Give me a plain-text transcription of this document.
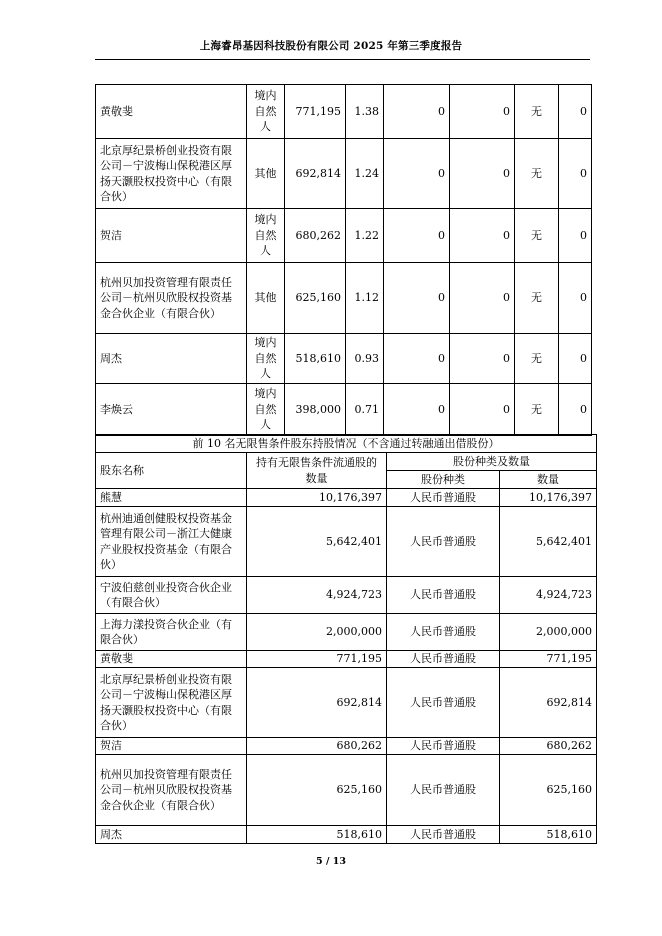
上海睿昂基因科技股份有限公司 2025 年第三季度报告
黄敬斐	境内自然人	771,195	1.38	0	0	无	0
北京厚纪景桥创业投资有限公司－宁波梅山保税港区厚扬天灏股权投资中心（有限合伙）	其他	692,814	1.24	0	0	无	0
贺洁	境内自然人	680,262	1.22	0	0	无	0
杭州贝加投资管理有限责任公司－杭州贝欣股权投资基金合伙企业（有限合伙）	其他	625,160	1.12	0	0	无	0
周杰	境内自然人	518,610	0.93	0	0	无	0
李焕云	境内自然人	398,000	0.71	0	0	无	0
前 10 名无限售条件股东持股情况（不含通过转融通出借股份）			
股东名称	持有无限售条件流通股的数量	股份种类及数量	
		股份种类	数量
熊慧	10,176,397	人民币普通股	10,176,397
杭州迪通创健股权投资基金管理有限公司－浙江大健康产业股权投资基金（有限合伙）	5,642,401	人民币普通股	5,642,401
宁波伯慈创业投资合伙企业（有限合伙）	4,924,723	人民币普通股	4,924,723
上海力漾投资合伙企业（有限合伙）	2,000,000	人民币普通股	2,000,000
黄敬斐	771,195	人民币普通股	771,195
北京厚纪景桥创业投资有限公司－宁波梅山保税港区厚扬天灏股权投资中心（有限合伙）	692,814	人民币普通股	692,814
贺洁	680,262	人民币普通股	680,262
杭州贝加投资管理有限责任公司－杭州贝欣股权投资基金合伙企业（有限合伙）	625,160	人民币普通股	625,160
周杰	518,610	人民币普通股	518,610
5 / 13
